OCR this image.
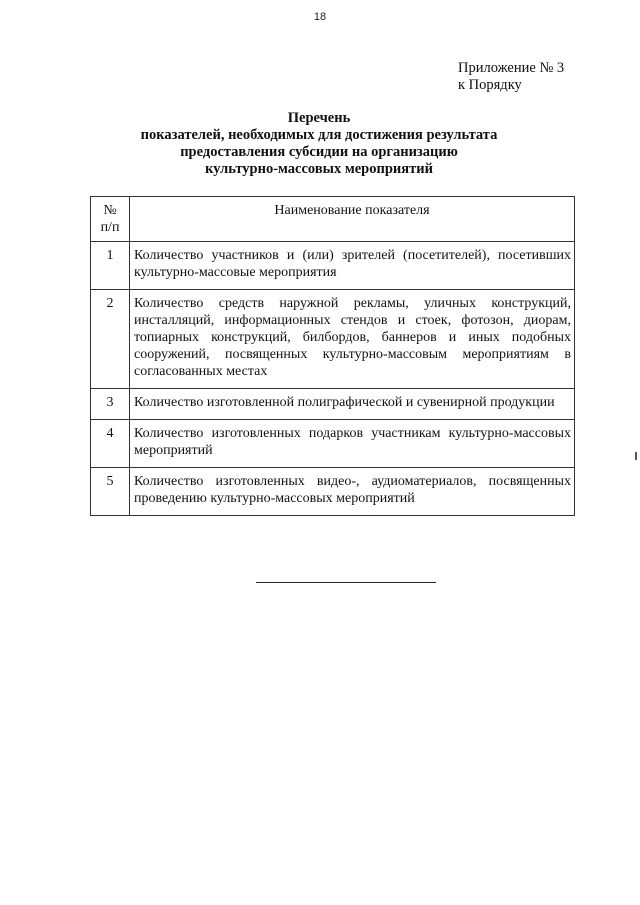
18
Приложение № 3
к Порядку
Перечень
показателей, необходимых для достижения результата
предоставления субсидии на организацию
культурно-массовых мероприятий
№
п/п	Наименование показателя
1	Количество участников и (или) зрителей (посетителей), посетивших культурно-массовые мероприятия
2	Количество средств наружной рекламы, уличных конструкций, инсталляций, информационных стендов и стоек, фотозон, диорам, топиарных конструкций, билбордов, баннеров и иных подобных сооружений, посвященных культурно-массовым мероприятиям в согласованных местах
3	Количество изготовленной полиграфической и сувенирной продукции
4	Количество изготовленных подарков участникам культурно-массовых мероприятий
5	Количество изготовленных видео-, аудиоматериалов, посвященных проведению культурно-массовых мероприятий
